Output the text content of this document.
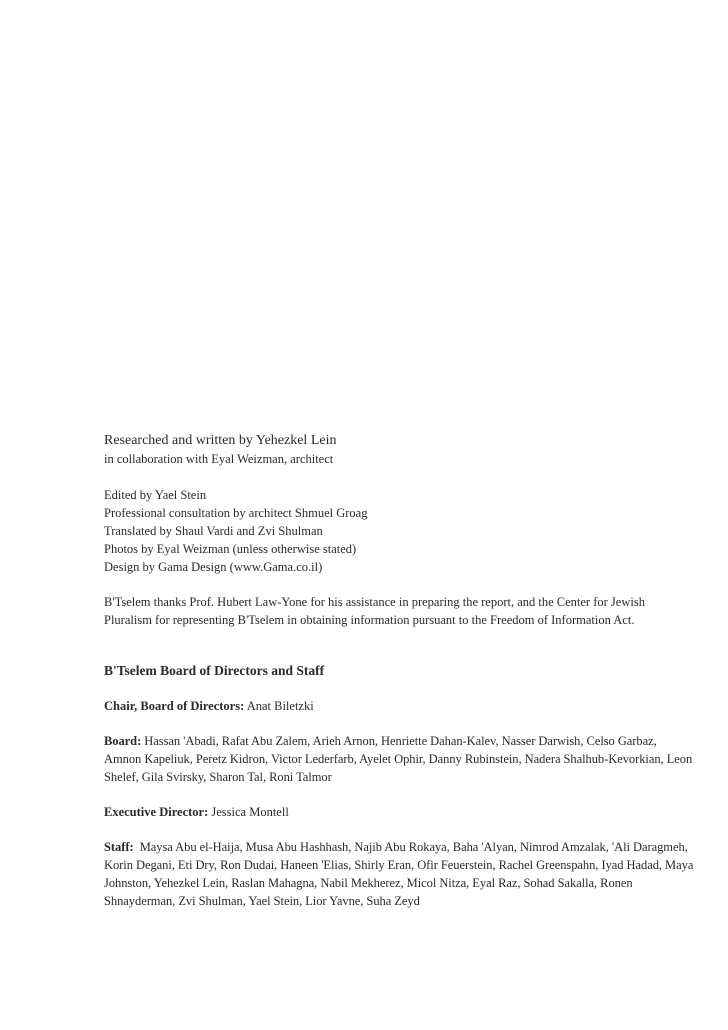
Researched and written by Yehezkel Lein

in collaboration with Eyal Weizman, architect

Edited by Yael Stein

Professional consultation by architect Shmuel Groag

Translated by Shaul Vardi and Zvi Shulman

Photos by Eyal Weizman (unless otherwise stated)

Design by Gama Design (www.Gama.co.il)

B'Tselem thanks Prof. Hubert Law-Yone for his assistance in preparing the report, and the Center for Jewish Pluralism for representing B'Tselem in obtaining information pursuant to the Freedom of Information Act.
B'Tselem Board of Directors and Staff
Chair, Board of Directors: Anat Biletzki
Board: Hassan 'Abadi, Rafat Abu Zalem, Arieh Arnon, Henriette Dahan-Kalev, Nasser Darwish, Celso Garbaz, Amnon Kapeliuk, Peretz Kidron, Victor Lederfarb, Ayelet Ophir, Danny Rubinstein, Nadera Shalhub-Kevorkian, Leon Shelef, Gila Svirsky, Sharon Tal, Roni Talmor
Executive Director: Jessica Montell
Staff: Maysa Abu el-Haija, Musa Abu Hashhash, Najib Abu Rokaya, Baha 'Alyan, Nimrod Amzalak, 'Ali Daragmeh, Korin Degani, Eti Dry, Ron Dudai, Haneen 'Elias, Shirly Eran, Ofir Feuerstein, Rachel Greenspahn, Iyad Hadad, Maya Johnston, Yehezkel Lein, Raslan Mahagna, Nabil Mekherez, Micol Nitza, Eyal Raz, Sohad Sakalla, Ronen Shnayderman, Zvi Shulman, Yael Stein, Lior Yavne, Suha Zeyd
